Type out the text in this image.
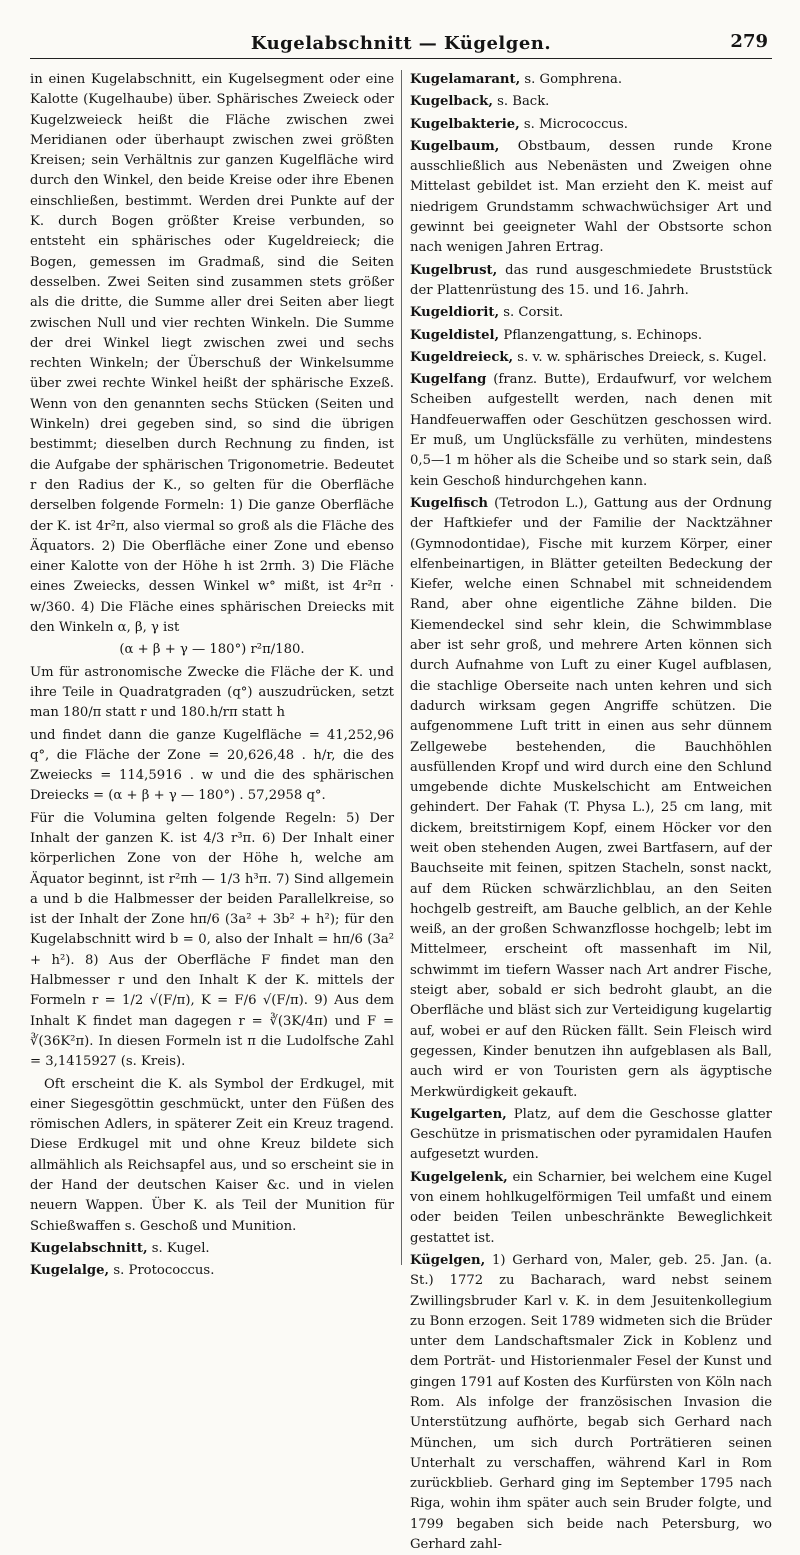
Kugelabschnitt — Kügelgen.	279

in einen Kugelabschnitt, ein Kugelsegment oder eine Kalotte (Kugelhaube) über. Sphärisches Zweieck oder Kugelzweieck heißt die Fläche zwischen zwei Meridianen oder überhaupt zwischen zwei größten Kreisen; sein Verhältnis zur ganzen Kugelfläche wird durch den Winkel, den beide Kreise oder ihre Ebenen einschließen, bestimmt. Werden drei Punkte auf der K. durch Bogen größter Kreise verbunden, so entsteht ein sphärisches oder Kugeldreieck; die Bogen, gemessen im Gradmaß, sind die Seiten desselben. Zwei Seiten sind zusammen stets größer als die dritte, die Summe aller drei Seiten aber liegt zwischen Null und vier rechten Winkeln. Die Summe der drei Winkel liegt zwischen zwei und sechs rechten Winkeln; der Überschuß der Winkelsumme über zwei rechte Winkel heißt der sphärische Exzeß. Wenn von den genannten sechs Stücken (Seiten und Winkeln) drei gegeben sind, so sind die übrigen bestimmt; dieselben durch Rechnung zu finden, ist die Aufgabe der sphärischen Trigonometrie. Bedeutet r den Radius der K., so gelten für die Oberfläche derselben folgende Formeln: 1) Die ganze Oberfläche der K. ist 4r²π, also viermal so groß als die Fläche des Äquators. 2) Die Oberfläche einer Zone und ebenso einer Kalotte von der Höhe h ist 2rπh. 3) Die Fläche eines Zweiecks, dessen Winkel w° mißt, ist 4r²π · w/360. 4) Die Fläche eines sphärischen Dreiecks mit den Winkeln α, β, γ ist

(α + β + γ — 180°) r²π/180.

Um für astronomische Zwecke die Fläche der K. und ihre Teile in Quadratgraden (q°) auszudrücken, setzt man 180/π statt r und 180.h/rπ statt h

und findet dann die ganze Kugelfläche = 41,252,96 q°, die Fläche der Zone = 20,626,48 . h/r, die des Zweiecks = 114,5916 . w und die des sphärischen Dreiecks = (α + β + γ — 180°) . 57,2958 q°.

Für die Volumina gelten folgende Regeln: 5) Der Inhalt der ganzen K. ist 4/3 r³π. 6) Der Inhalt einer körperlichen Zone von der Höhe h, welche am Äquator beginnt, ist r²πh — 1/3 h³π. 7) Sind allgemein a und b die Halbmesser der beiden Parallelkreise, so ist der Inhalt der Zone hπ/6 (3a² + 3b² + h²); für den Kugelabschnitt wird b = 0, also der Inhalt = hπ/6 (3a² + h²). 8) Aus der Oberfläche F findet man den Halbmesser r und den Inhalt K der K. mittels der Formeln r = 1/2 √(F/π), K = F/6 √(F/π). 9) Aus dem Inhalt K findet man dagegen r = ∛(3K/4π) und F = ∛(36K²π). In diesen Formeln ist π die Ludolfsche Zahl = 3,1415927 (s. Kreis).

Oft erscheint die K. als Symbol der Erdkugel, mit einer Siegesgöttin geschmückt, unter den Füßen des römischen Adlers, in späterer Zeit ein Kreuz tragend. Diese Erdkugel mit und ohne Kreuz bildete sich allmählich als Reichsapfel aus, und so erscheint sie in der Hand der deutschen Kaiser &c. und in vielen neuern Wappen. Über K. als Teil der Munition für Schießwaffen s. Geschoß und Munition.

Kugelabschnitt, s. Kugel.

Kugelalge, s. Protococcus.

Kugelamarant, s. Gomphrena.

Kugelback, s. Back.

Kugelbakterie, s. Micrococcus.

Kugelbaum, Obstbaum, dessen runde Krone ausschließlich aus Nebenästen und Zweigen ohne Mittelast gebildet ist. Man erzieht den K. meist auf niedrigem Grundstamm schwachwüchsiger Art und gewinnt bei geeigneter Wahl der Obstsorte schon nach wenigen Jahren Ertrag.

Kugelbrust, das rund ausgeschmiedete Bruststück der Plattenrüstung des 15. und 16. Jahrh.

Kugeldiorit, s. Corsit.

Kugeldistel, Pflanzengattung, s. Echinops.

Kugeldreieck, s. v. w. sphärisches Dreieck, s. Kugel.

Kugelfang (franz. Butte), Erdaufwurf, vor welchem Scheiben aufgestellt werden, nach denen mit Handfeuerwaffen oder Geschützen geschossen wird. Er muß, um Unglücksfälle zu verhüten, mindestens 0,5—1 m höher als die Scheibe und so stark sein, daß kein Geschoß hindurchgehen kann.

Kugelfisch (Tetrodon L.), Gattung aus der Ordnung der Haftkiefer und der Familie der Nacktzähner (Gymnodontidae), Fische mit kurzem Körper, einer elfenbeinartigen, in Blätter geteilten Bedeckung der Kiefer, welche einen Schnabel mit schneidendem Rand, aber ohne eigentliche Zähne bilden. Die Kiemendeckel sind sehr klein, die Schwimmblase aber ist sehr groß, und mehrere Arten können sich durch Aufnahme von Luft zu einer Kugel aufblasen, die stachlige Oberseite nach unten kehren und sich dadurch wirksam gegen Angriffe schützen. Die aufgenommene Luft tritt in einen aus sehr dünnem Zellgewebe bestehenden, die Bauchhöhlen ausfüllenden Kropf und wird durch eine den Schlund umgebende dichte Muskelschicht am Entweichen gehindert. Der Fahak (T. Physa L.), 25 cm lang, mit dickem, breitstirnigem Kopf, einem Höcker vor den weit oben stehenden Augen, zwei Bartfasern, auf der Bauchseite mit feinen, spitzen Stacheln, sonst nackt, auf dem Rücken schwärzlichblau, an den Seiten hochgelb gestreift, am Bauche gelblich, an der Kehle weiß, an der großen Schwanzflosse hochgelb; lebt im Mittelmeer, erscheint oft massenhaft im Nil, schwimmt im tiefern Wasser nach Art andrer Fische, steigt aber, sobald er sich bedroht glaubt, an die Oberfläche und bläst sich zur Verteidigung kugelartig auf, wobei er auf den Rücken fällt. Sein Fleisch wird gegessen, Kinder benutzen ihn aufgeblasen als Ball, auch wird er von Touristen gern als ägyptische Merkwürdigkeit gekauft.

Kugelgarten, Platz, auf dem die Geschosse glatter Geschütze in prismatischen oder pyramidalen Haufen aufgesetzt wurden.

Kugelgelenk, ein Scharnier, bei welchem eine Kugel von einem hohlkugelförmigen Teil umfaßt und einem oder beiden Teilen unbeschränkte Beweglichkeit gestattet ist.

Kügelgen, 1) Gerhard von, Maler, geb. 25. Jan. (a. St.) 1772 zu Bacharach, ward nebst seinem Zwillingsbruder Karl v. K. in dem Jesuitenkollegium zu Bonn erzogen. Seit 1789 widmeten sich die Brüder unter dem Landschaftsmaler Zick in Koblenz und dem Porträt- und Historienmaler Fesel der Kunst und gingen 1791 auf Kosten des Kurfürsten von Köln nach Rom. Als infolge der französischen Invasion die Unterstützung aufhörte, begab sich Gerhard nach München, um sich durch Porträtieren seinen Unterhalt zu verschaffen, während Karl in Rom zurückblieb. Gerhard ging im September 1795 nach Riga, wohin ihm später auch sein Bruder folgte, und 1799 begaben sich beide nach Petersburg, wo Gerhard zahl-
